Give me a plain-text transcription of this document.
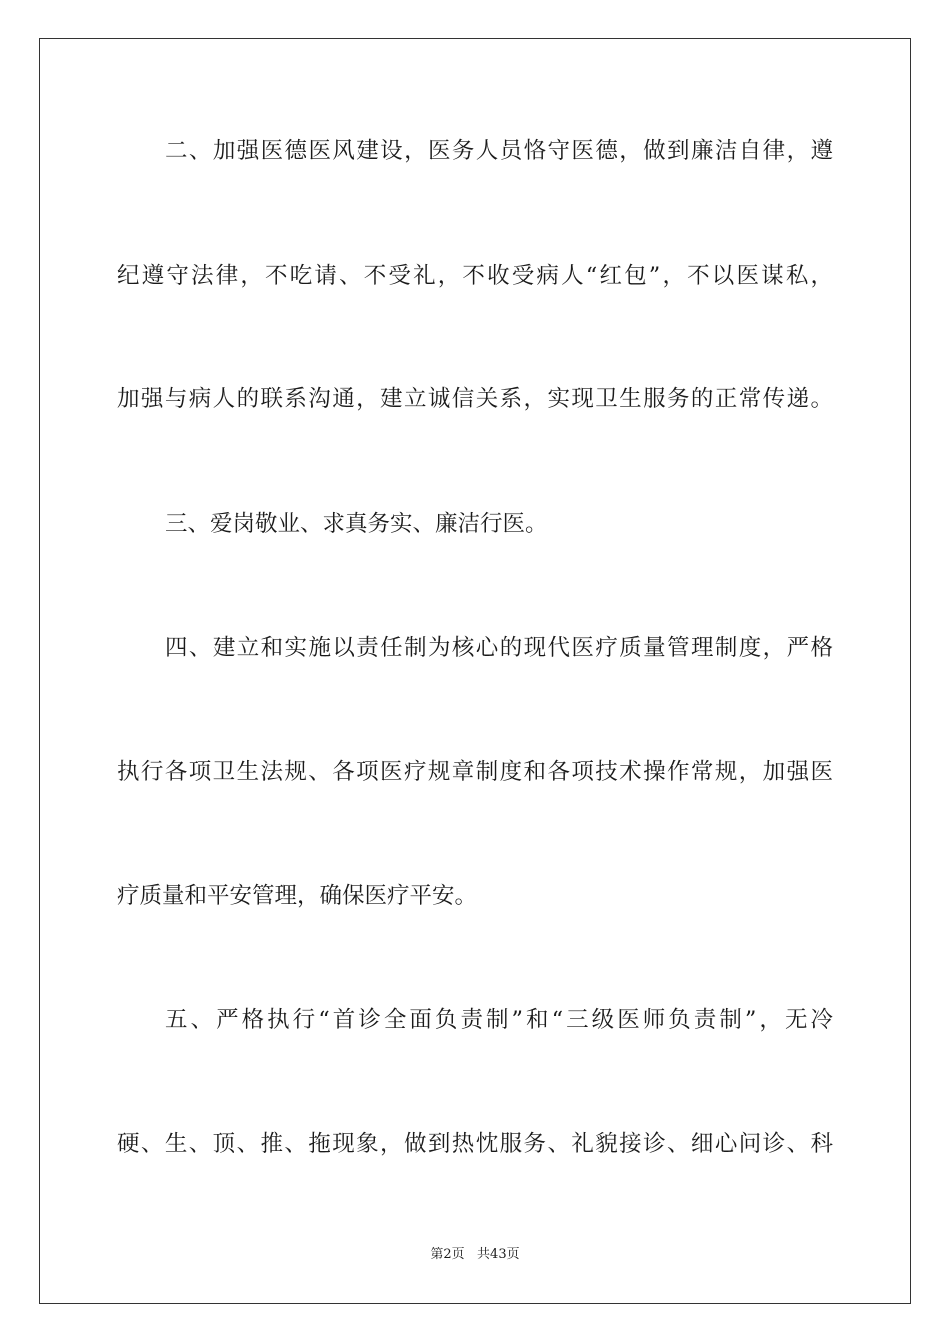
二、加强医德医风建设，医务人员恪守医德，做到廉洁自律，遵
纪遵守法律，不吃请、不受礼，不收受病人“红包”，不以医谋私，
加强与病人的联系沟通，建立诚信关系，实现卫生服务的正常传递。
三、爱岗敬业、求真务实、廉洁行医。
四、建立和实施以责任制为核心的现代医疗质量管理制度，严格
执行各项卫生法规、各项医疗规章制度和各项技术操作常规，加强医
疗质量和平安管理，确保医疗平安。
五、严格执行“首诊全面负责制”和“三级医师负责制”，无冷
硬、生、顶、推、拖现象，做到热忱服务、礼貌接诊、细心问诊、科
第2页   共43页
